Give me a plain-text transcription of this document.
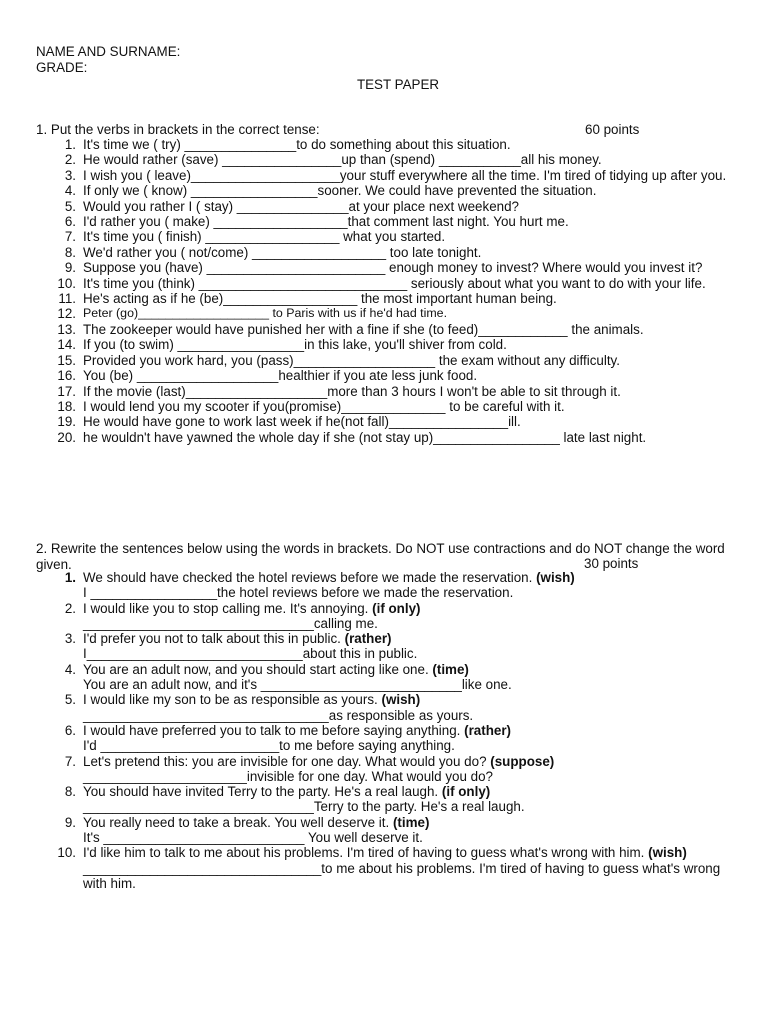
NAME AND SURNAME:
GRADE:
TEST PAPER
1. Put the verbs in brackets in the correct tense:	60 points
1. It's time we ( try) _______________to do something about this situation.
2. He would rather (save) ________________up than (spend) ___________all his money.
3. I wish you ( leave)____________________your stuff everywhere all the time. I'm tired of tidying up after you.
4. If only we ( know) _________________sooner. We could have prevented the situation.
5. Would you rather I ( stay) _______________at your place next weekend?
6. I'd rather you ( make) __________________that comment last night. You hurt me.
7. It's time you ( finish) __________________ what you started.
8. We'd rather you ( not/come) __________________ too late tonight.
9. Suppose you (have) ________________________ enough money to invest? Where would you invest it?
10. It's time you (think) ____________________________ seriously about what you want to do with your life.
11. He's acting as if he (be)__________________ the most important human being.
12. Peter (go)___________________ to Paris with us if he'd had time.
13. The zookeeper would have punished her with a fine if she (to feed)____________ the animals.
14. If you (to swim) _________________in this lake, you'll shiver from cold.
15. Provided you work hard, you (pass)___________________ the exam without any difficulty.
16. You (be) ___________________healthier if you ate less junk food.
17. If the movie (last)___________________more than 3 hours I won't be able to sit through it.
18. I would lend you my scooter if you(promise)______________ to be careful with it.
19. He would have gone to work last week if he(not fall)________________ill.
20. he wouldn't have yawned the whole day if she (not stay up)_________________ late last night.
2. Rewrite the sentences below using the words in brackets. Do NOT use contractions and do NOT change the word given.	30 points
1. We should have checked the hotel reviews before we made the reservation. (wish)
I _________________the hotel reviews before we made the reservation.
2. I would like you to stop calling me. It's annoying. (if only)
_______________________________calling me.
3. I'd prefer you not to talk about this in public. (rather)
I_____________________________about this in public.
4. You are an adult now, and you should start acting like one. (time)
You are an adult now, and it's ___________________________like one.
5. I would like my son to be as responsible as yours. (wish)
_________________________________as responsible as yours.
6. I would have preferred you to talk to me before saying anything. (rather)
I'd ________________________to me before saying anything.
7. Let's pretend this: you are invisible for one day. What would you do? (suppose)
______________________invisible for one day. What would you do?
8. You should have invited Terry to the party. He's a real laugh. (if only)
_______________________________Terry to the party. He's a real laugh.
9. You really need to take a break. You well deserve it. (time)
It's ___________________________ You well deserve it.
10. I'd like him to talk to me about his problems. I'm tired of having to guess what's wrong with him. (wish)
________________________________to me about his problems. I'm tired of having to guess what's wrong with him.
